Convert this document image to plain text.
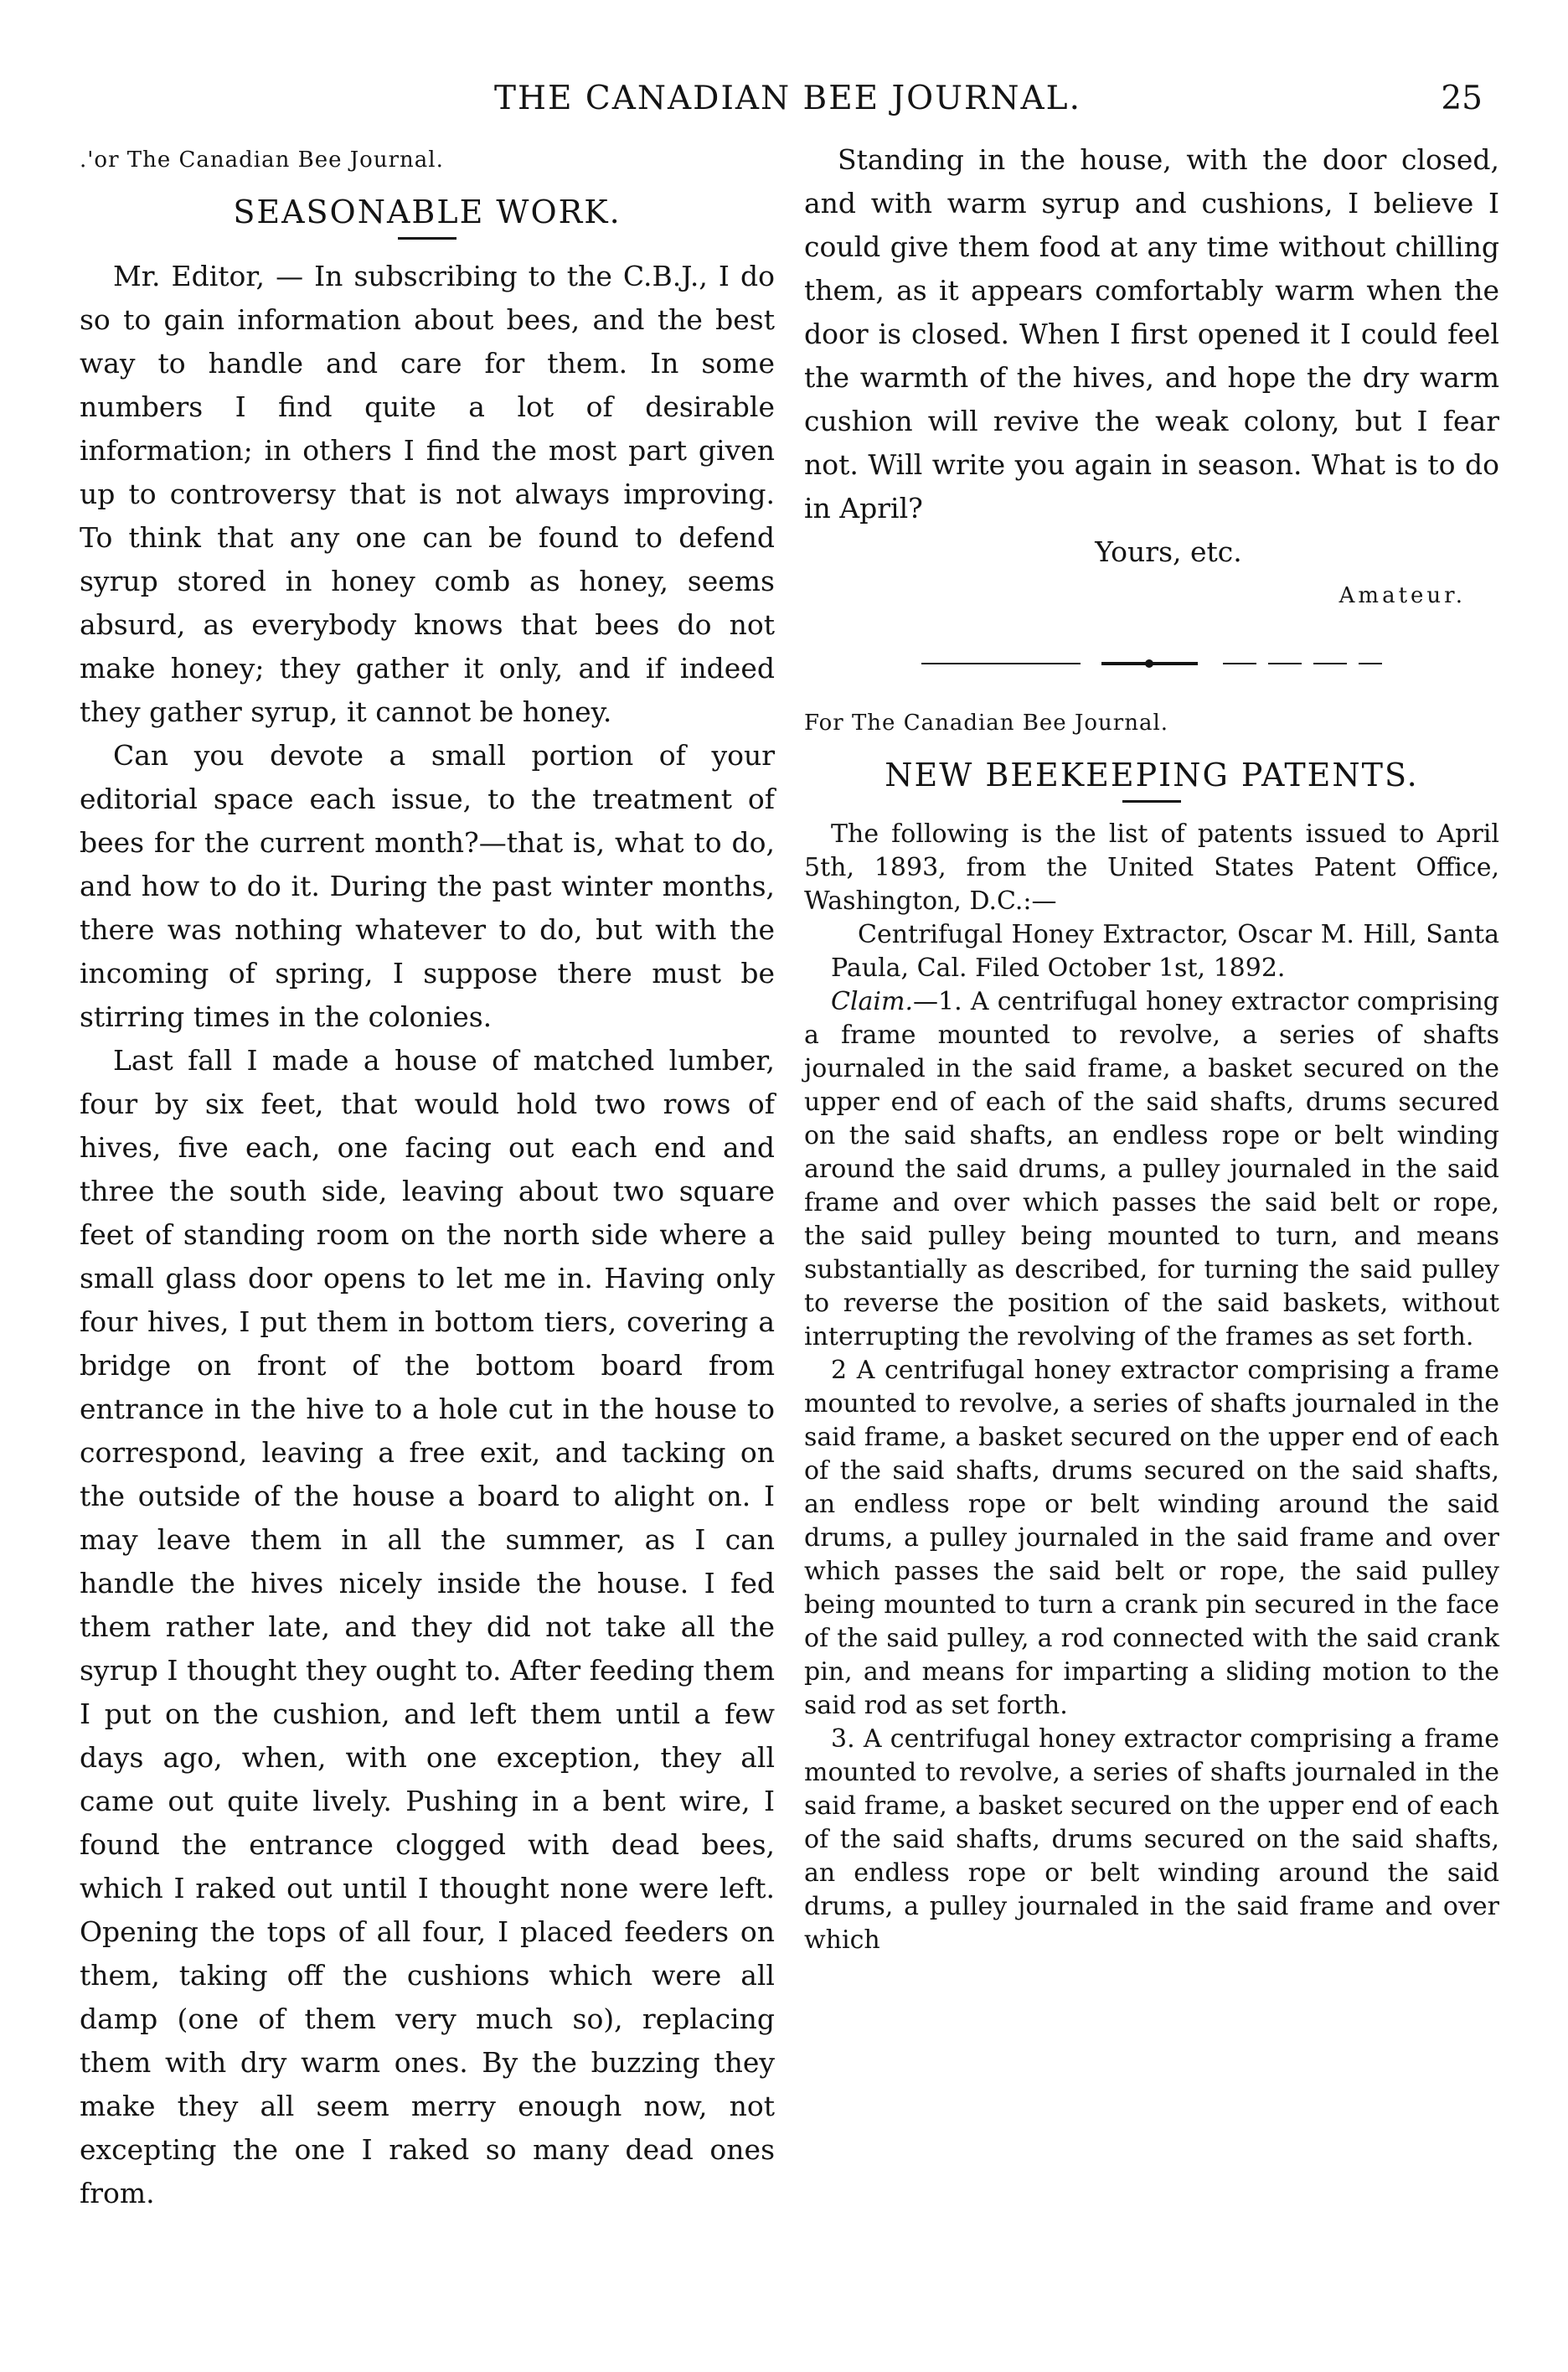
THE CANADIAN BEE JOURNAL.	25
.'or The Canadian Bee Journal.
SEASONABLE WORK.

Mr. Editor, — In subscribing to the C.B.J., I do so to gain information about bees, and the best way to handle and care for them. In some numbers I find quite a lot of desirable information; in others I find the most part given up to controversy that is not always improving. To think that any one can be found to defend syrup stored in honey comb as honey, seems absurd, as everybody knows that bees do not make honey; they gather it only, and if indeed they gather syrup, it cannot be honey.

Can you devote a small portion of your editorial space each issue, to the treatment of bees for the current month?—that is, what to do, and how to do it. During the past winter months, there was nothing whatever to do, but with the incoming of spring, I suppose there must be stirring times in the colonies.

Last fall I made a house of matched lumber, four by six feet, that would hold two rows of hives, five each, one facing out each end and three the south side, leaving about two square feet of standing room on the north side where a small glass door opens to let me in. Having only four hives, I put them in bottom tiers, covering a bridge on front of the bottom board from entrance in the hive to a hole cut in the house to correspond, leaving a free exit, and tacking on the outside of the house a board to alight on. I may leave them in all the summer, as I can handle the hives nicely inside the house. I fed them rather late, and they did not take all the syrup I thought they ought to. After feeding them I put on the cushion, and left them until a few days ago, when, with one exception, they all came out quite lively. Pushing in a bent wire, I found the entrance clogged with dead bees, which I raked out until I thought none were left. Opening the tops of all four, I placed feeders on them, taking off the cushions which were all damp (one of them very much so), replacing them with dry warm ones. By the buzzing they make they all seem merry enough now, not excepting the one I raked so many dead ones from.

Standing in the house, with the door closed, and with warm syrup and cushions, I believe I could give them food at any time without chilling them, as it appears comfortably warm when the door is closed. When I first opened it I could feel the warmth of the hives, and hope the dry warm cushion will revive the weak colony, but I fear not. Will write you again in season. What is to do in April?

Yours, etc.

Amateur.

For The Canadian Bee Journal.
NEW BEEKEEPING PATENTS.

The following is the list of patents issued to April 5th, 1893, from the United States Patent Office, Washington, D.C.:—

Centrifugal Honey Extractor, Oscar M. Hill, Santa Paula, Cal. Filed October 1st, 1892.

Claim.—1. A centrifugal honey extractor comprising a frame mounted to revolve, a series of shafts journaled in the said frame, a basket secured on the upper end of each of the said shafts, drums secured on the said shafts, an endless rope or belt winding around the said drums, a pulley journaled in the said frame and over which passes the said belt or rope, the said pulley being mounted to turn, and means substantially as described, for turning the said pulley to reverse the position of the said baskets, without interrupting the revolving of the frames as set forth.

2 A centrifugal honey extractor comprising a frame mounted to revolve, a series of shafts journaled in the said frame, a basket secured on the upper end of each of the said shafts, drums secured on the said shafts, an endless rope or belt winding around the said drums, a pulley journaled in the said frame and over which passes the said belt or rope, the said pulley being mounted to turn a crank pin secured in the face of the said pulley, a rod connected with the said crank pin, and means for imparting a sliding motion to the said rod as set forth.

3. A centrifugal honey extractor comprising a frame mounted to revolve, a series of shafts journaled in the said frame, a basket secured on the upper end of each of the said shafts, drums secured on the said shafts, an endless rope or belt winding around the said drums, a pulley journaled in the said frame and over which
